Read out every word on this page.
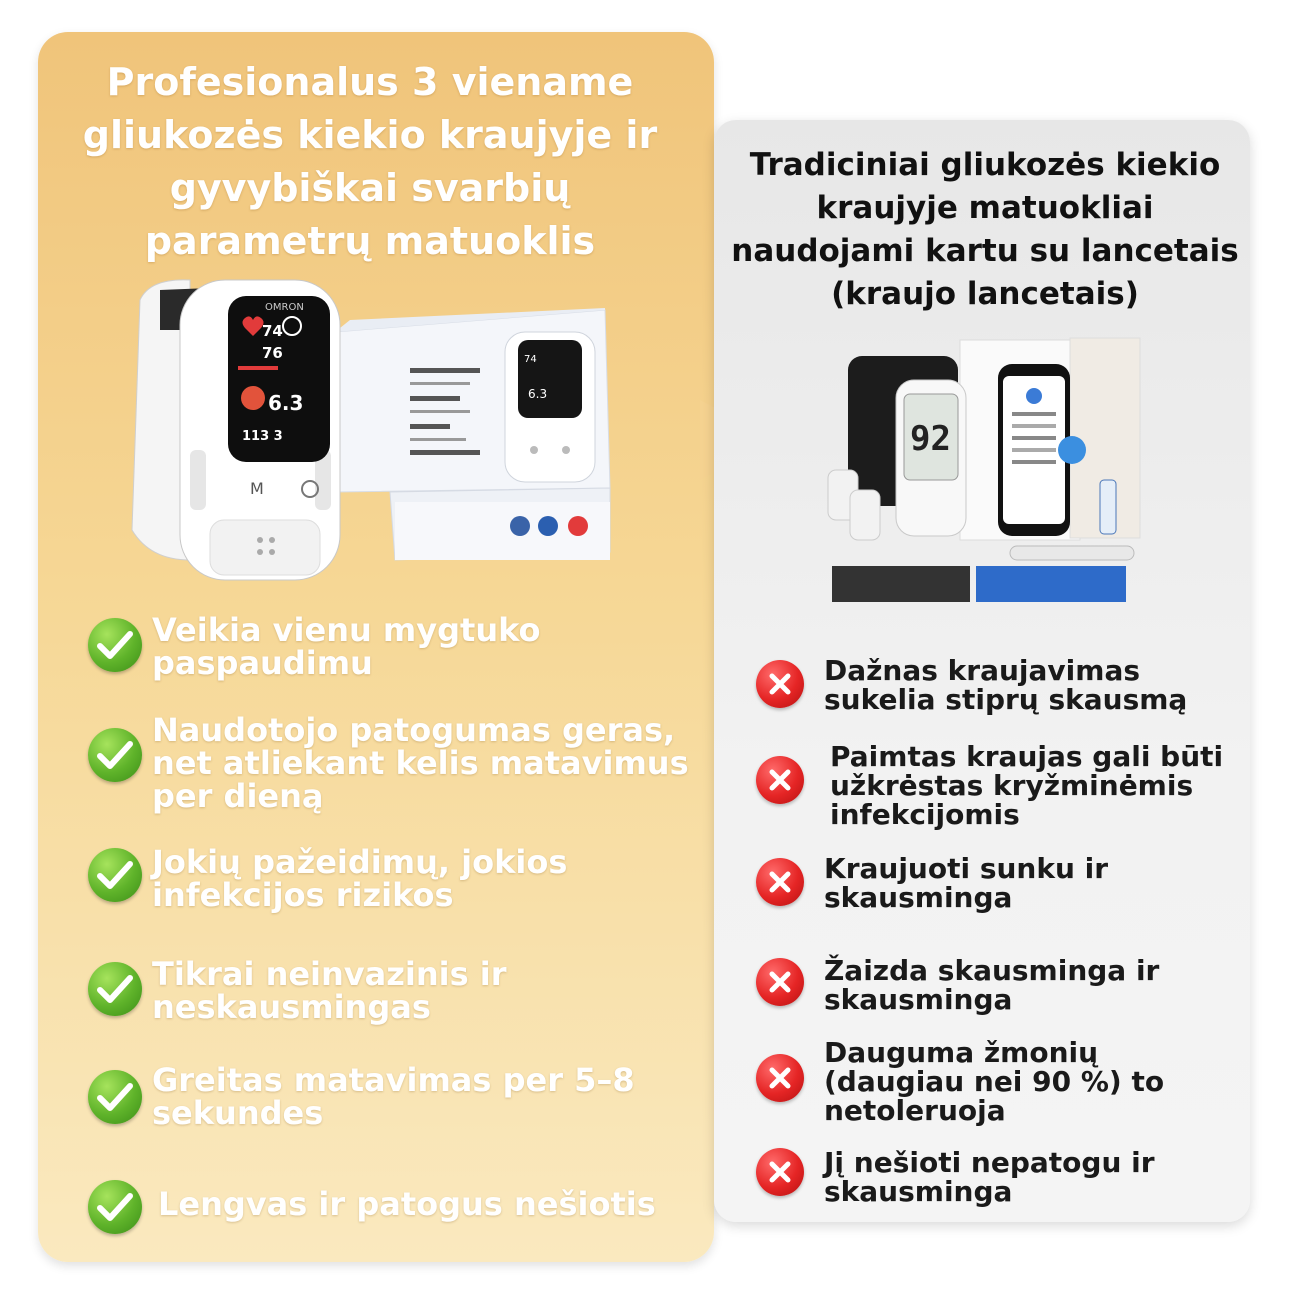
Profesionalus 3 viename gliukozės kiekio kraujyje ir gyvybiškai svarbių parametrų matuoklis
74
6.3
OMRON
74
76
6.3
113 3
M
Veikia vienu mygtuko paspaudimu
Naudotojo patogumas geras, net atliekant kelis matavimus per dieną
Jokių pažeidimų, jokios infekcijos rizikos
Tikrai neinvazinis ir neskausmingas
Greitas matavimas per 5–8 sekundes
Lengvas ir patogus nešiotis
Tradiciniai gliukozės kiekio kraujyje matuokliai naudojami kartu su lancetais (kraujo lancetais)
92
Dažnas kraujavimas sukelia stiprų skausmą
Paimtas kraujas gali būti užkrėstas kryžminėmis infekcijomis
Kraujuoti sunku ir skausminga
Žaizda skausminga ir skausminga
Dauguma žmonių (daugiau nei 90 %) to netoleruoja
Jį nešioti nepatogu ir skausminga
